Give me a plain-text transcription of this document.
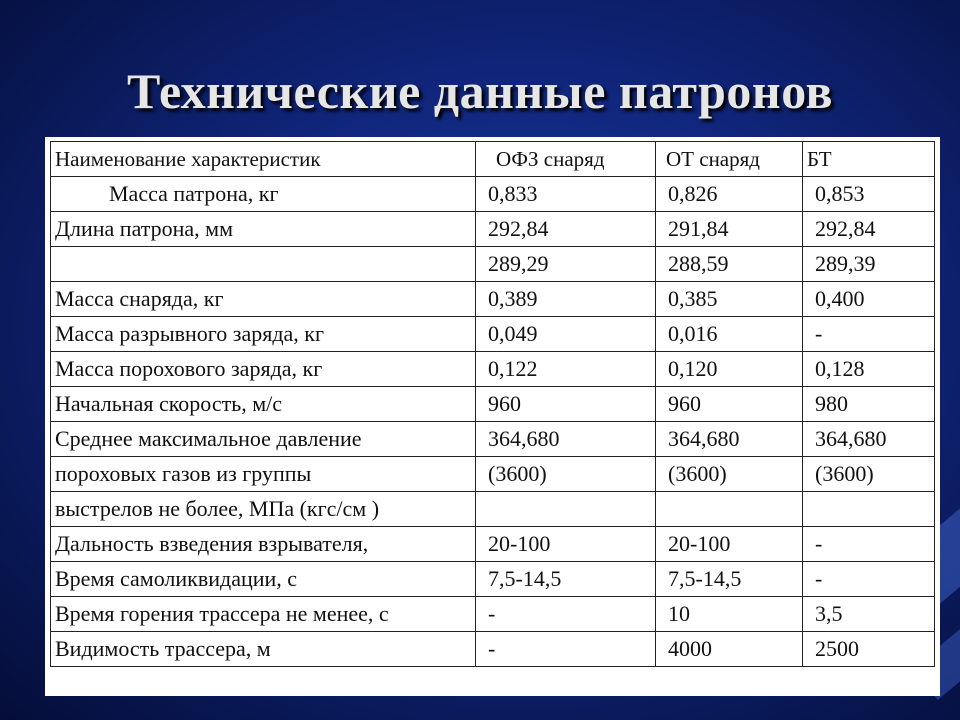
Технические данные патронов
Наименование характеристик	ОФЗ снаряд	ОТ снаряд	БТ
Масса патрона, кг	0,833	0,826	0,853
Длина патрона, мм	292,84	291,84	292,84
	289,29	288,59	289,39
Масса снаряда, кг	0,389	0,385	0,400
Масса разрывного заряда, кг	0,049	0,016	-
Масса порохового заряда, кг	0,122	0,120	0,128
Начальная скорость, м/с	960	960	980
Среднее максимальное давление	364,680	364,680	364,680
пороховых газов из группы	(3600)	(3600)	(3600)
выстрелов не более, МПа (кгс/см )			
Дальность взведения взрывателя,	20-100	20-100	-
Время самоликвидации, с	7,5-14,5	7,5-14,5	-
Время горения трассера не менее, с	-	10	3,5
Видимость трассера, м	-	4000	2500
